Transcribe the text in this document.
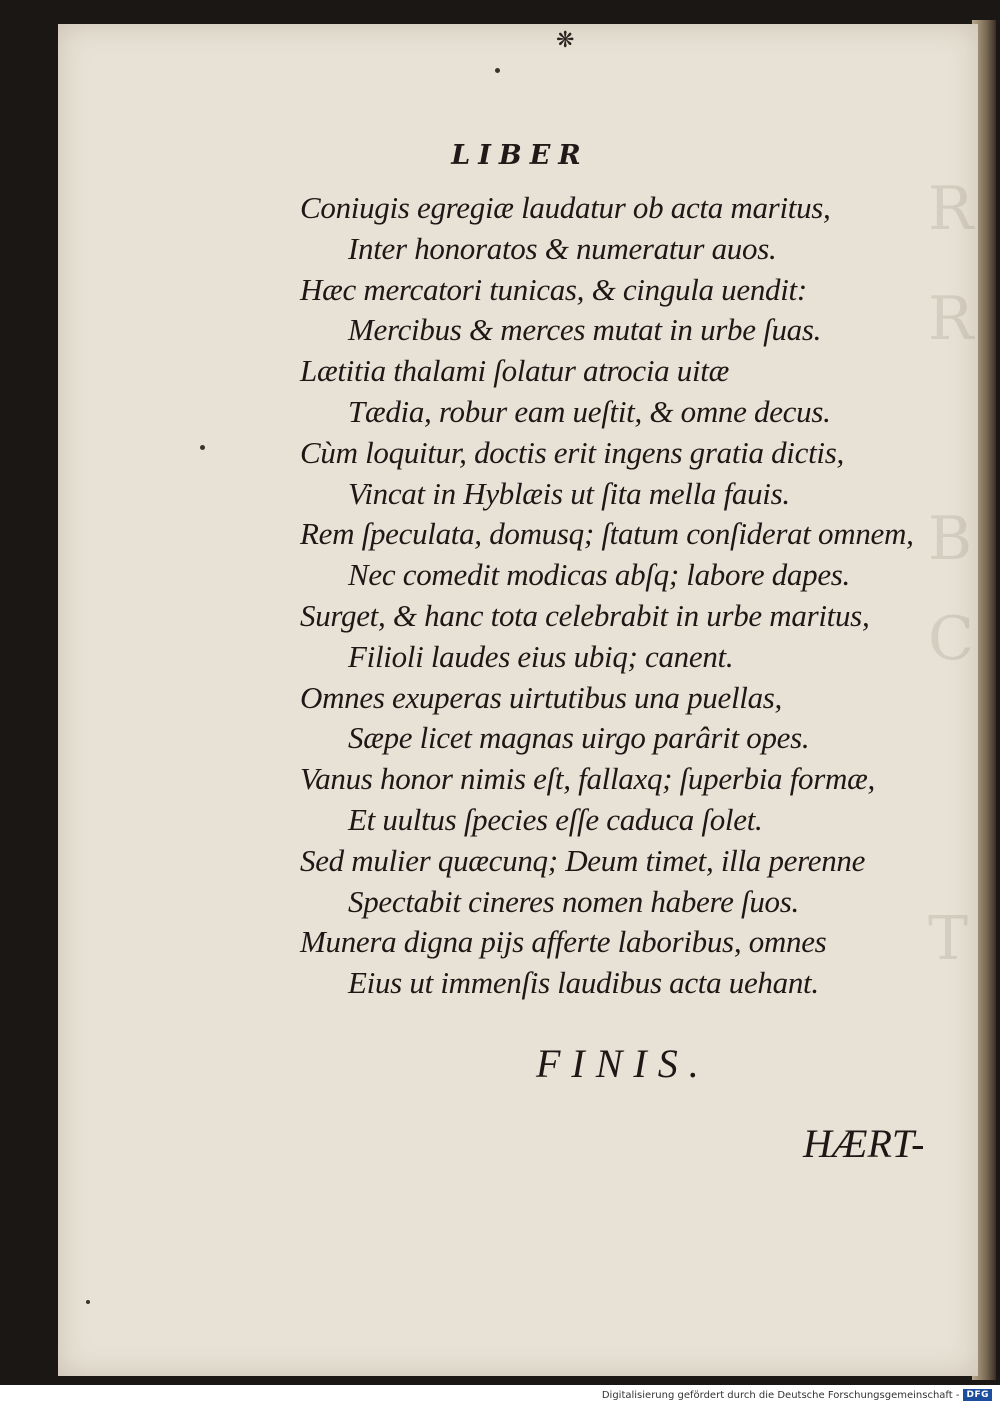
R
R
B
C
T
❋
LIBER
Coniugis egregiæ laudatur ob acta maritus,
Inter honoratos & numeratur auos.
Hæc mercatori tunicas, & cingula uendit:
Mercibus & merces mutat in urbe ſuas.
Lætitia thalami ſolatur atrocia uitæ
Tædia, robur eam ueſtit, & omne decus.
Cùm loquitur, doctis erit ingens gratia dictis,
Vincat in Hyblæis ut ſita mella fauis.
Rem ſpeculata, domusq; ſtatum conſiderat omnem,
Nec comedit modicas abſq; labore dapes.
Surget, & hanc tota celebrabit in urbe maritus,
Filioli laudes eius ubiq; canent.
Omnes exuperas uirtutibus una puellas,
Sæpe licet magnas uirgo parârit opes.
Vanus honor nimis eſt, fallaxq; ſuperbia formæ,
Et uultus ſpecies eſſe caduca ſolet.
Sed mulier quæcunq; Deum timet, illa perenne
Spectabit cineres nomen habere ſuos.
Munera digna pijs afferte laboribus, omnes
Eius ut immenſis laudibus acta uehant.
FINIS.
HÆRT-
Digitalisierung gefördert durch die Deutsche Forschungsgemeinschaft - DFG
